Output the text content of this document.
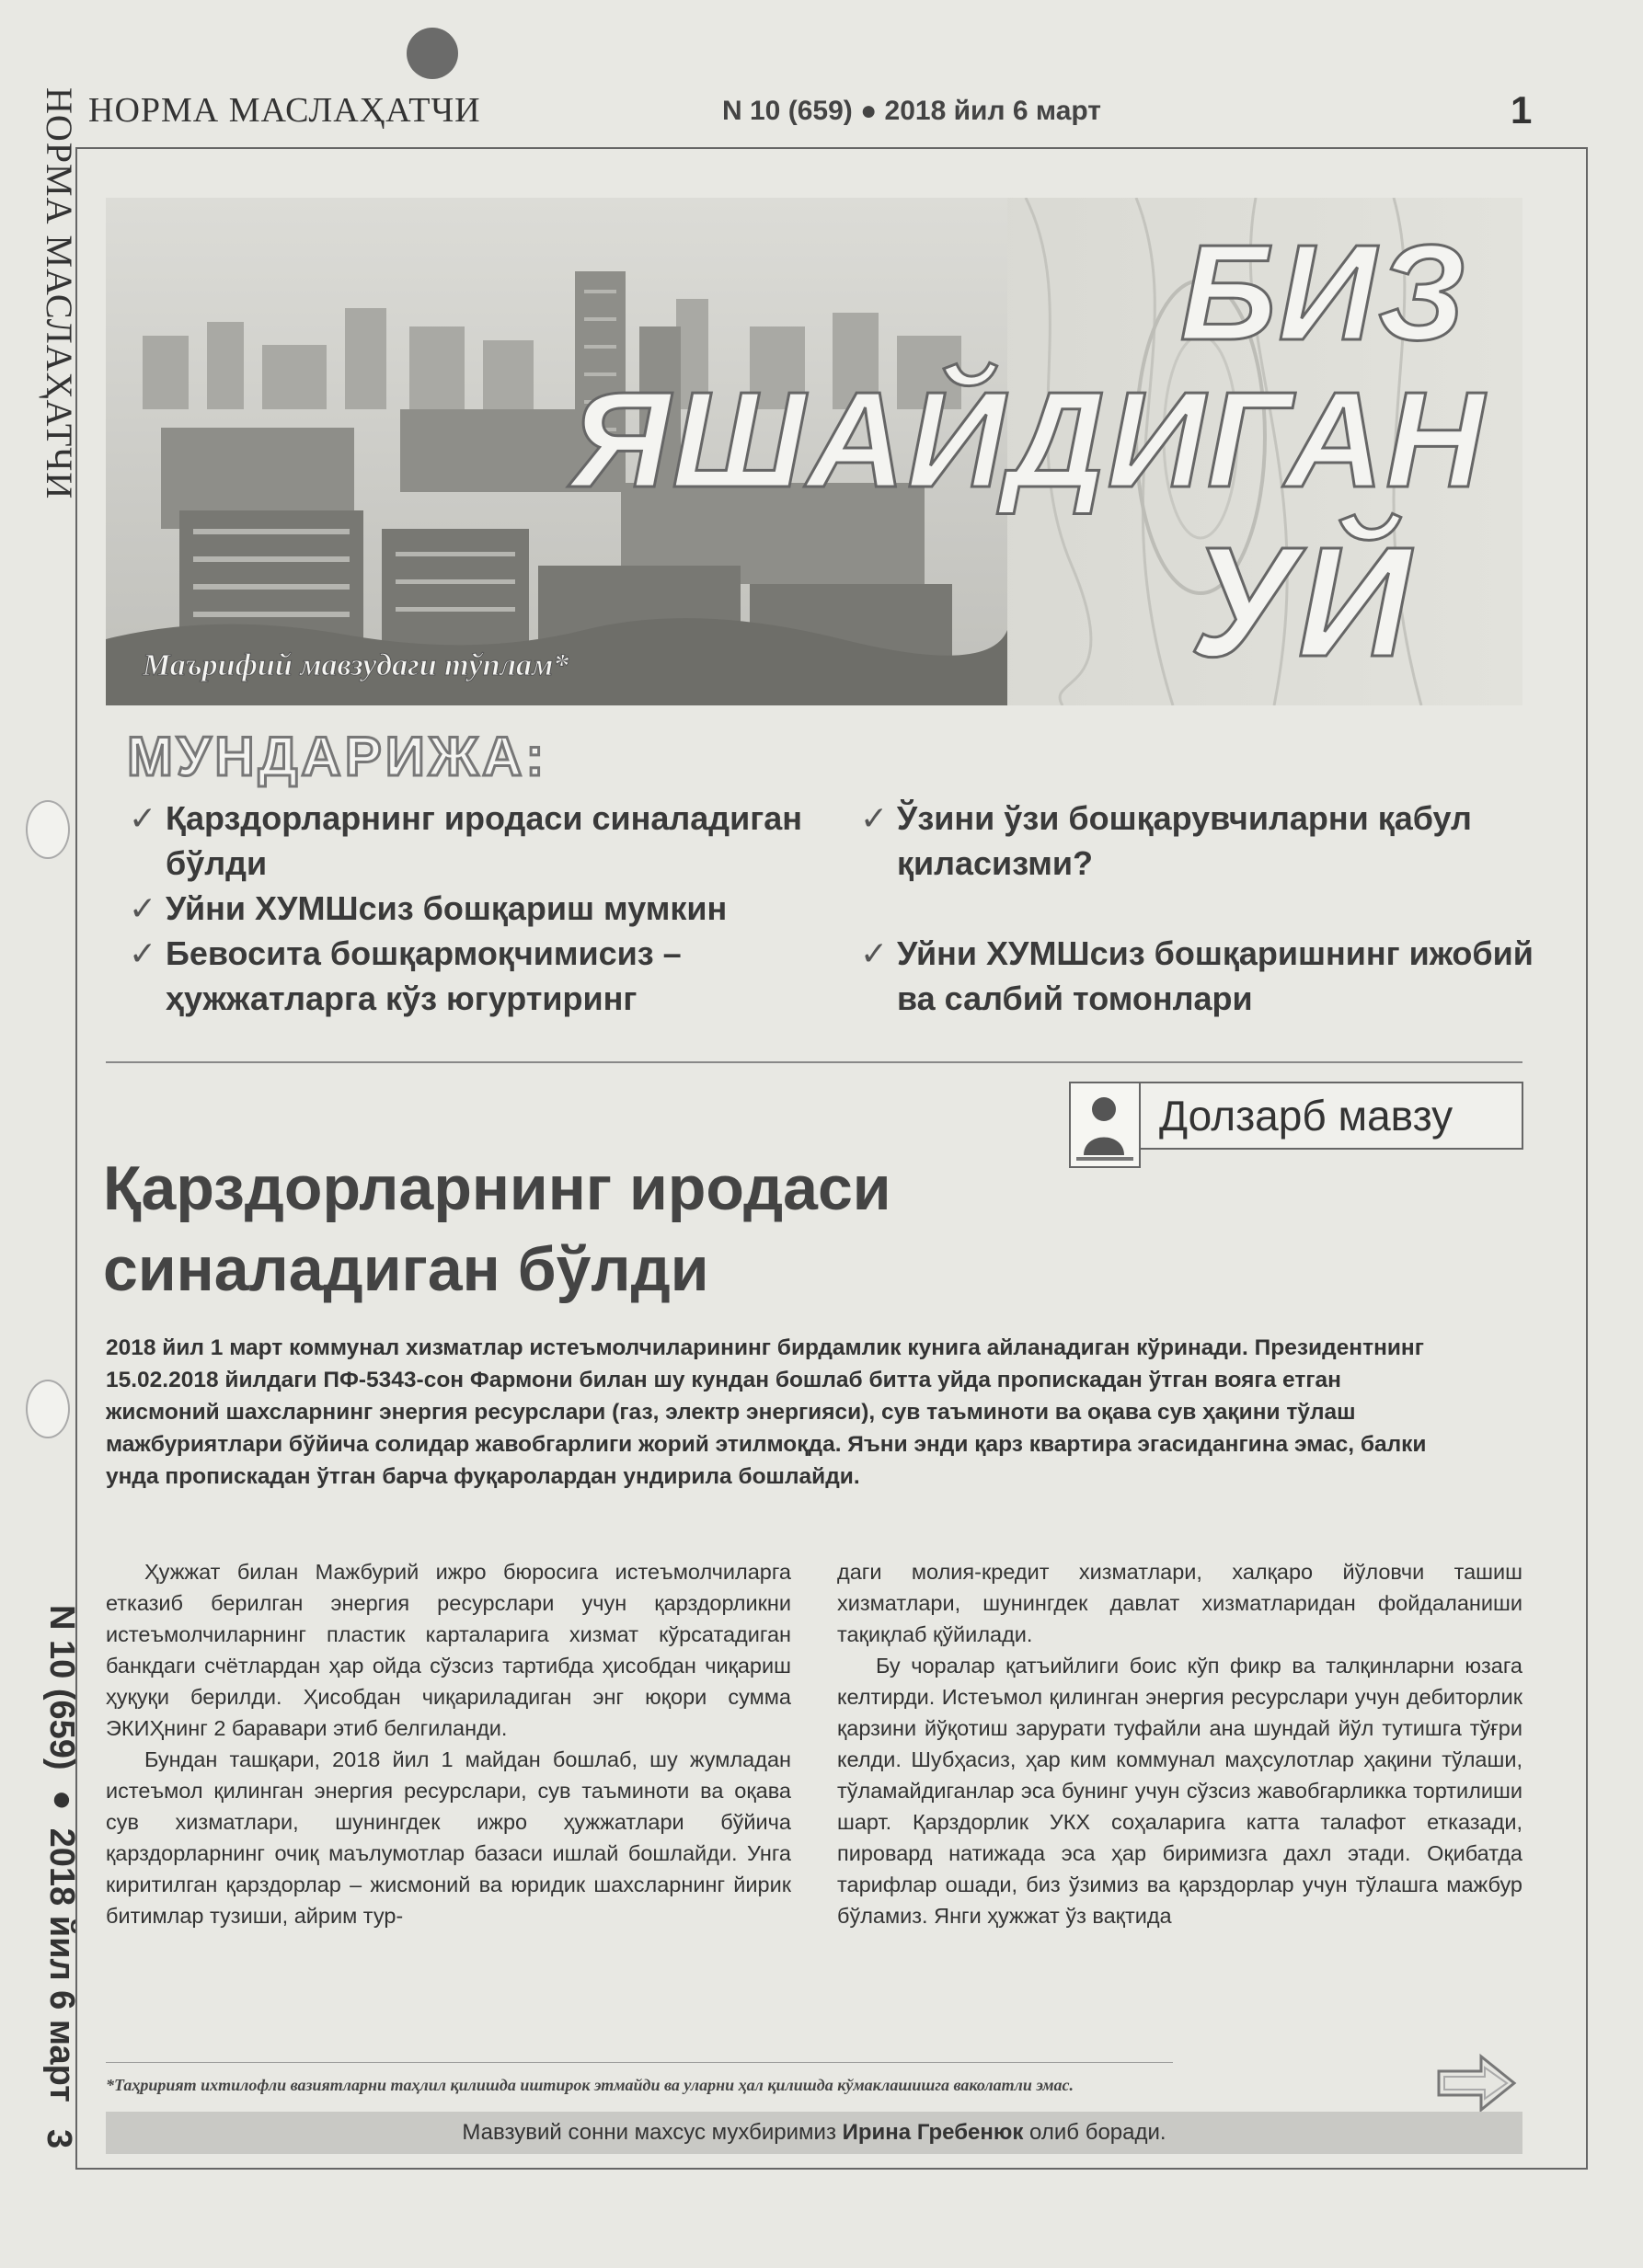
НОРМА МАСЛАҲАТЧИ
N 10 (659) ● 2018 йил 6 март
3
НОРМА МАСЛАҲАТЧИ	N 10 (659) ● 2018 йил 6 март	1
БИЗ
ЯШАЙДИГАН
УЙ
Маърифий мавзудаги тўплам*
МУНДАРИЖА:
✓ Қарздорларнинг иродаси синаладиган бўлди
✓ Уйни ХУМШсиз бошқариш мумкин
✓ Бевосита бошқармоқчимисиз – ҳужжатларга кўз югуртиринг
✓ Ўзини ўзи бошқарувчиларни қабул қиласизми?
✓ Уйни ХУМШсиз бошқаришнинг ижобий ва салбий томонлари
Долзарб мавзу
Қарздорларнинг иродаси синаладиган бўлди
2018 йил 1 март коммунал хизматлар истеъмолчиларининг бирдамлик кунига айланадиган кўринади. Президентнинг 15.02.2018 йилдаги ПФ-5343-сон Фармони билан шу кундан бошлаб битта уйда пропискадан ўтган вояга етган жисмоний шахсларнинг энергия ресурслари (газ, электр энергияси), сув таъминоти ва оқава сув ҳақини тўлаш мажбуриятлари бўйича солидар жавобгарлиги жорий этилмоқда. Яъни энди қарз квартира эгасидангина эмас, балки унда пропискадан ўтган барча фуқаролардан ундирила бошлайди.

Ҳужжат билан Мажбурий ижро бюросига истеъмолчиларга етказиб берилган энергия ресурслари учун қарздорликни истеъмолчиларнинг пластик карталарига хизмат кўрсатадиган банкдаги счётлардан ҳар ойда сўзсиз тартибда ҳисобдан чиқариш ҳуқуқи берилди. Ҳисобдан чиқариладиган энг юқори сумма ЭКИҲнинг 2 баравари этиб белгиланди.

Бундан ташқари, 2018 йил 1 майдан бошлаб, шу жумладан истеъмол қилинган энергия ресурслари, сув таъминоти ва оқава сув хизматлари, шунингдек ижро ҳужжатлари бўйича қарздорларнинг очиқ маълумотлар базаси ишлай бошлайди. Унга киритилган қарздорлар – жисмоний ва юридик шахсларнинг йирик битимлар тузиши, айрим тур-

даги молия-кредит хизматлари, халқаро йўловчи ташиш хизматлари, шунингдек давлат хизматларидан фойдаланиши тақиқлаб қўйилади.

Бу чоралар қатъийлиги боис кўп фикр ва талқинларни юзага келтирди. Истеъмол қилинган энергия ресурслари учун дебиторлик қарзини йўқотиш зарурати туфайли ана шундай йўл тутишга тўғри келди. Шубҳасиз, ҳар ким коммунал маҳсулотлар ҳақини тўлаши, тўламайдиганлар эса бунинг учун сўзсиз жавобгарликка тортилиши шарт. Қарздорлик УКХ соҳаларига катта талафот етказади, пировард натижада эса ҳар биримизга дахл этади. Оқибатда тарифлар ошади, биз ўзимиз ва қарздорлар учун тўлашга мажбур бўламиз. Янги ҳужжат ўз вақтида

*Таҳририят ихтилофли вазиятларни таҳлил қилишда иштирок этмайди ва уларни ҳал қилишда кўмаклашишга ваколатли эмас.
Мавзувий сонни махсус мухбиримиз Ирина Гребенюк олиб боради.
